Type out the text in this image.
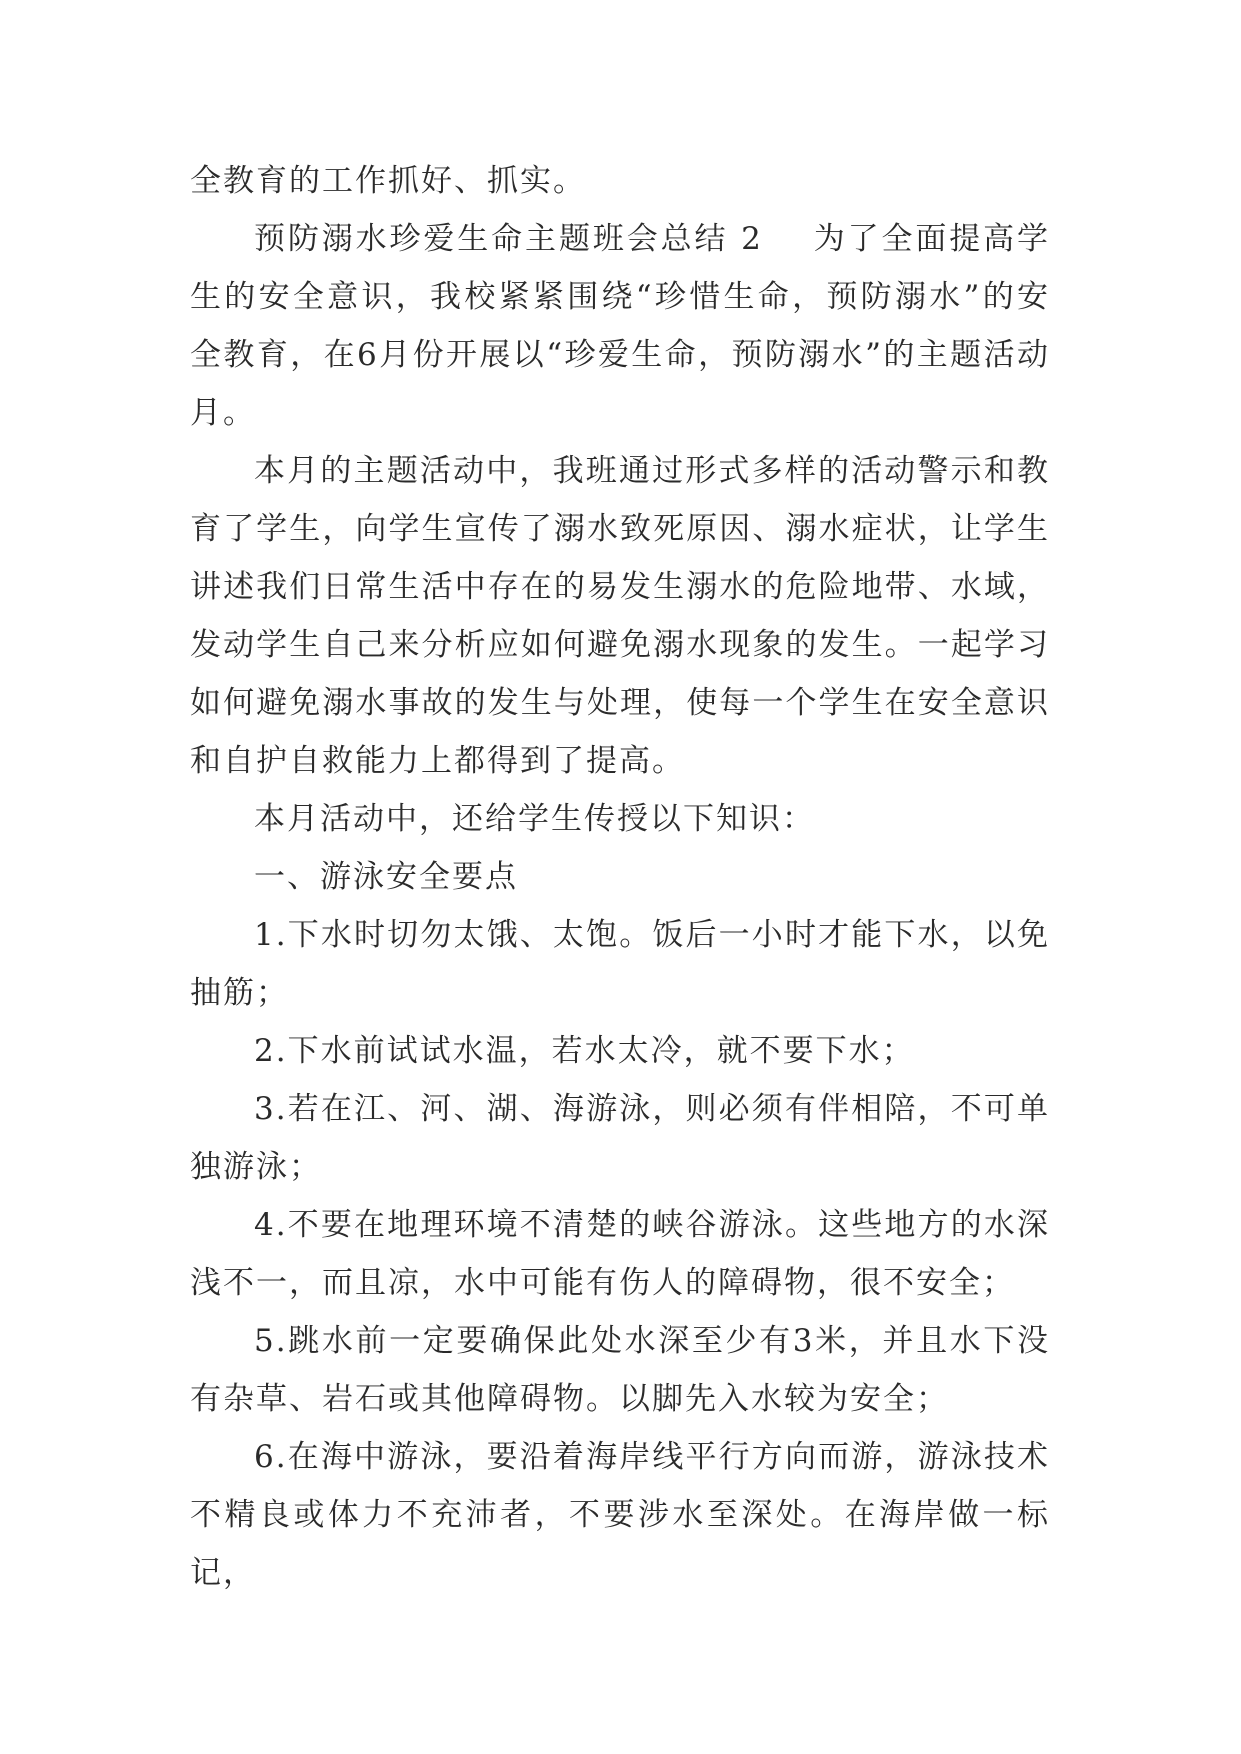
全教育的工作抓好、抓实。

预防溺水珍爱生命主题班会总结 2 为了全面提高学生的安全意识，我校紧紧围绕“珍惜生命，预防溺水”的安全教育，在6月份开展以“珍爱生命，预防溺水”的主题活动月。

本月的主题活动中，我班通过形式多样的活动警示和教育了学生，向学生宣传了溺水致死原因、溺水症状，让学生讲述我们日常生活中存在的易发生溺水的危险地带、水域，发动学生自己来分析应如何避免溺水现象的发生。一起学习如何避免溺水事故的发生与处理，使每一个学生在安全意识和自护自救能力上都得到了提高。

本月活动中，还给学生传授以下知识：

一、游泳安全要点

1.下水时切勿太饿、太饱。饭后一小时才能下水，以免抽筋；

2.下水前试试水温，若水太冷，就不要下水；

3.若在江、河、湖、海游泳，则必须有伴相陪，不可单独游泳；

4.不要在地理环境不清楚的峡谷游泳。这些地方的水深浅不一，而且凉，水中可能有伤人的障碍物，很不安全；

5.跳水前一定要确保此处水深至少有3米，并且水下没有杂草、岩石或其他障碍物。以脚先入水较为安全；

6.在海中游泳，要沿着海岸线平行方向而游，游泳技术不精良或体力不充沛者，不要涉水至深处。在海岸做一标记，
